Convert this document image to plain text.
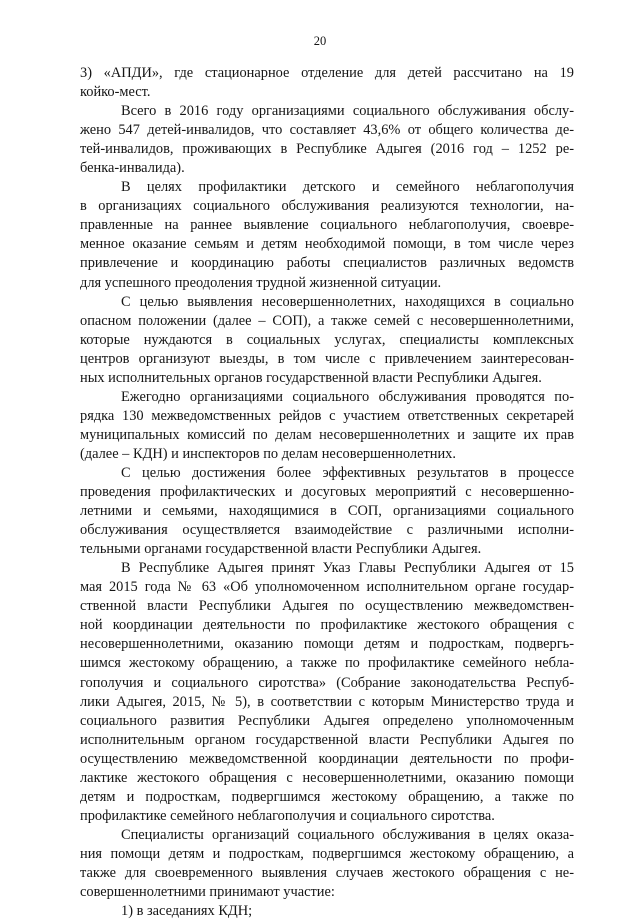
20
3) «АПДИ», где стационарное отделение для детей рассчитано на 19
койко-мест.
Всего в 2016 году организациями социального обслуживания обслу-
жено 547 детей-инвалидов, что составляет 43,6% от общего количества де-
тей-инвалидов, проживающих в Республике Адыгея (2016 год – 1252 ре-
бенка-инвалида).
В целях профилактики детского и семейного неблагополучия
в организациях социального обслуживания реализуются технологии, на-
правленные на раннее выявление социального неблагополучия, своевре-
менное оказание семьям и детям необходимой помощи, в том числе через
привлечение и координацию работы специалистов различных ведомств
для успешного преодоления трудной жизненной ситуации.
С целью выявления несовершеннолетних, находящихся в социально
опасном положении (далее – СОП), а также семей с несовершеннолетними,
которые нуждаются в социальных услугах, специалисты комплексных
центров организуют выезды, в том числе с привлечением заинтересован-
ных исполнительных органов государственной власти Республики Адыгея.
Ежегодно организациями социального обслуживания проводятся по-
рядка 130 межведомственных рейдов с участием ответственных секретарей
муниципальных комиссий по делам несовершеннолетних и защите их прав
(далее – КДН) и инспекторов по делам несовершеннолетних.
С целью достижения более эффективных результатов в процессе
проведения профилактических и досуговых мероприятий с несовершенно-
летними и семьями, находящимися в СОП, организациями социального
обслуживания осуществляется взаимодействие с различными исполни-
тельными органами государственной власти Республики Адыгея.
В Республике Адыгея принят Указ Главы Республики Адыгея от 15
мая 2015 года № 63 «Об уполномоченном исполнительном органе государ-
ственной власти Республики Адыгея по осуществлению межведомствен-
ной координации деятельности по профилактике жестокого обращения с
несовершеннолетними, оказанию помощи детям и подросткам, подвергь-
шимся жестокому обращению, а также по профилактике семейного небла-
гополучия и социального сиротства» (Собрание законодательства Респуб-
лики Адыгея, 2015, № 5), в соответствии с которым Министерство труда и
социального развития Республики Адыгея определено уполномоченным
исполнительным органом государственной власти Республики Адыгея по
осуществлению межведомственной координации деятельности по профи-
лактике жестокого обращения с несовершеннолетними, оказанию помощи
детям и подросткам, подвергшимся жестокому обращению, а также по
профилактике семейного неблагополучия и социального сиротства.
Специалисты организаций социального обслуживания в целях оказа-
ния помощи детям и подросткам, подвергшимся жестокому обращению, а
также для своевременного выявления случаев жестокого обращения с не-
совершеннолетними принимают участие:
1) в заседаниях КДН;
